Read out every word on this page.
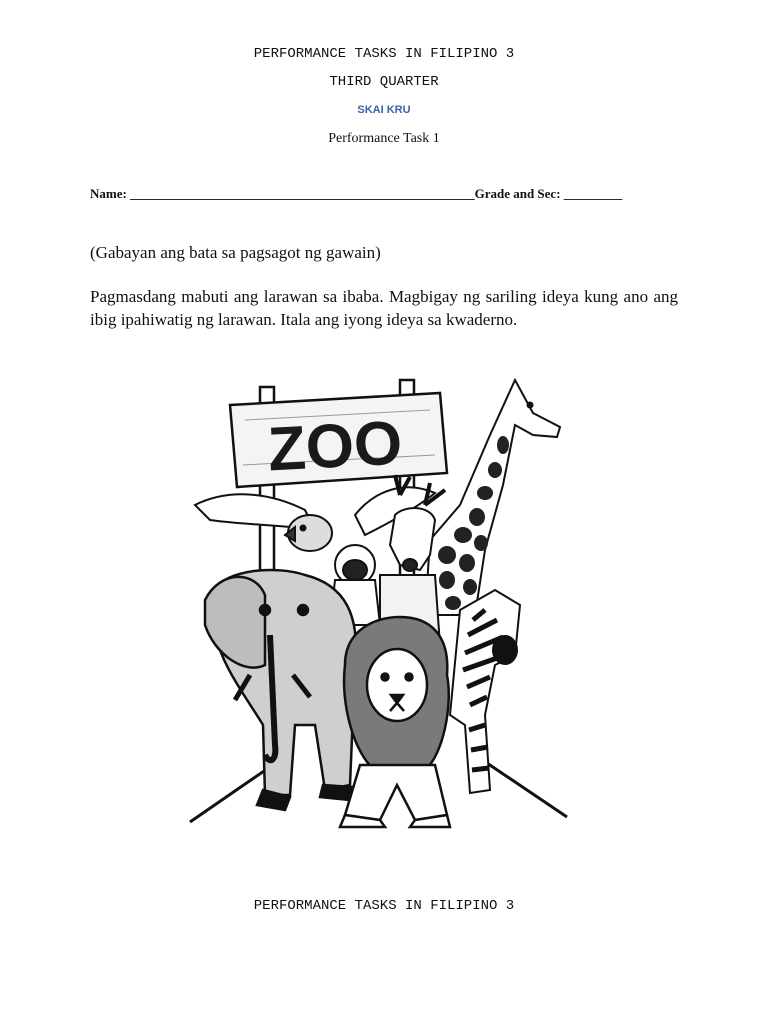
PERFORMANCE TASKS IN FILIPINO 3
THIRD QUARTER
SKAI KRU
Performance Task 1
Name: _____________________________________________________Grade and Sec: _________
(Gabayan ang bata sa pagsagot ng gawain)
Pagmasdang mabuti ang larawan sa ibaba. Magbigay ng sariling ideya kung ano ang ibig ipahiwatig ng larawan. Itala ang iyong ideya sa kwaderno.
ZOO
PERFORMANCE TASKS IN FILIPINO 3
